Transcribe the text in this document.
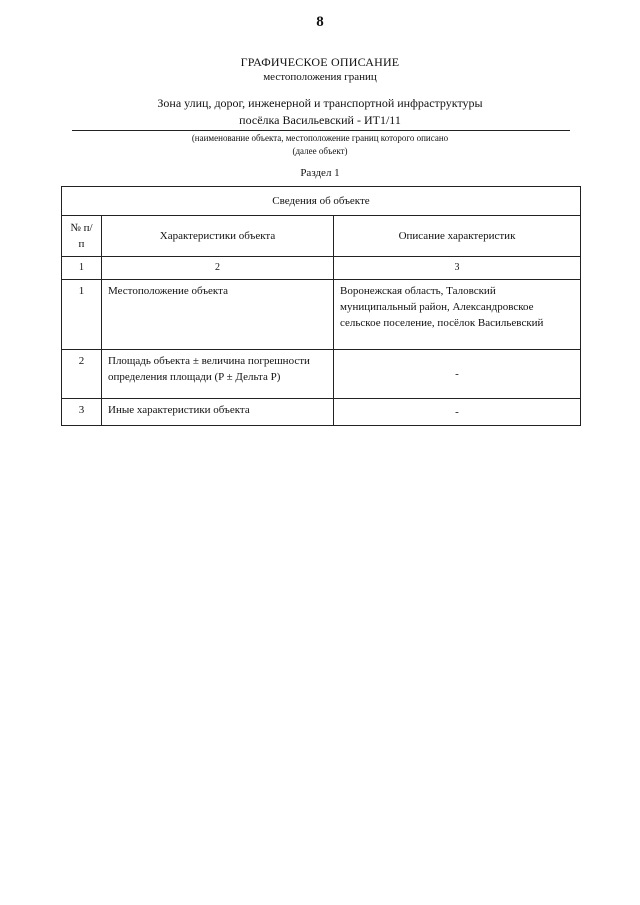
8
ГРАФИЧЕСКОЕ ОПИСАНИЕ
местоположения границ
Зона улиц, дорог, инженерной и транспортной инфраструктуры
посёлка Васильевский - ИТ1/11
(наименование объекта, местоположение границ которого описано
(далее объект)
Раздел 1
Сведения об объекте		
№ п/п	Характеристики объекта	Описание характеристик
1	2	3
1	Местоположение объекта	Воронежская область, Таловский муниципальный район, Александровское сельское поселение, посёлок Васильевский
2	Площадь объекта ± величина погрешности определения площади (P ± Дельта P)	-
3	Иные характеристики объекта	-
